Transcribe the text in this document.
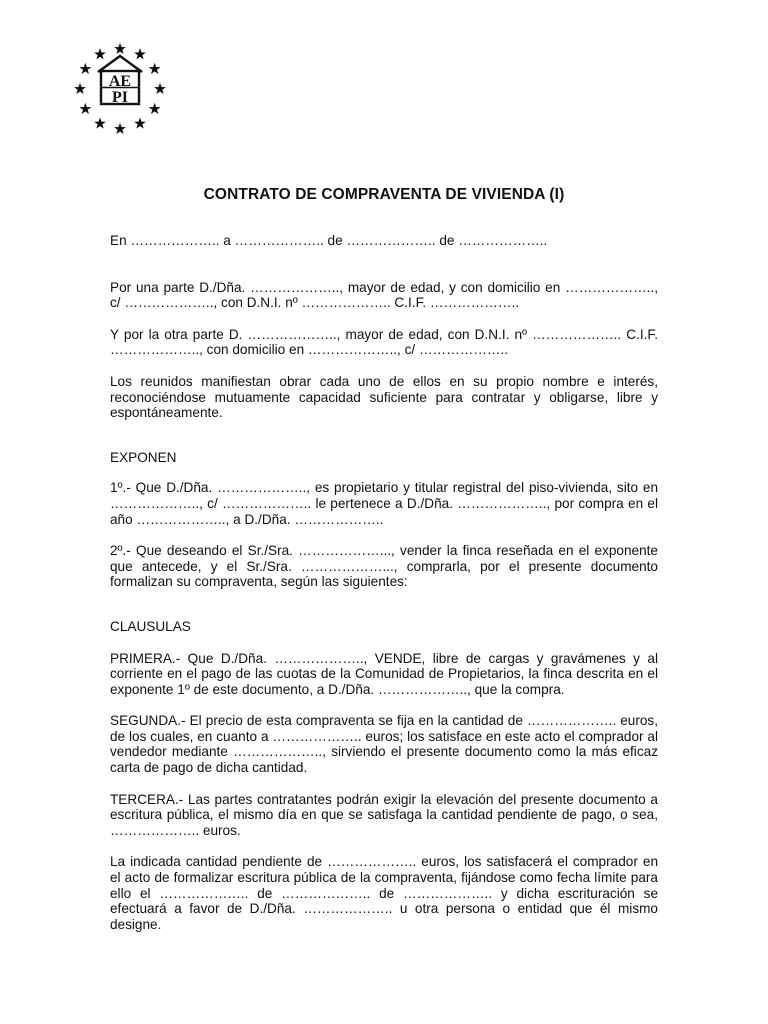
AE
PI
CONTRATO DE COMPRAVENTA DE VIVIENDA (I)

En ……………….. a ……………….. de ……………….. de ………………..

Por una parte D./Dña. ……………….., mayor de edad, y con domicilio en ……………….., c/ ……………….., con D.N.I. nº ……………….. C.I.F. ………………..

Y por la otra parte D. ……………….., mayor de edad, con D.N.I. nº ……………….. C.I.F. ……………….., con domicilio en ……………….., c/ ………………..

Los reunidos manifiestan obrar cada uno de ellos en su propio nombre e interés, reconociéndose mutuamente capacidad suficiente para contratar y obligarse, libre y espontáneamente.

EXPONEN

1º.- Que D./Dña. ……………….., es propietario y titular registral del piso-vivienda, sito en ……………….., c/ ……………….. le pertenece a D./Dña. ……………….., por compra en el año ……………….., a D./Dña. ………………..

2º.- Que deseando el Sr./Sra. ………………..., vender la finca reseñada en el exponente que antecede, y el Sr./Sra. ………………..., comprarla, por el presente documento formalizan su compraventa, según las siguientes:

CLAUSULAS

PRIMERA.- Que D./Dña. ……………….., VENDE, libre de cargas y gravámenes y al corriente en el pago de las cuotas de la Comunidad de Propietarios, la finca descrita en el exponente 1º de este documento, a D./Dña. ……………….., que la compra.

SEGUNDA.- El precio de esta compraventa se fija en la cantidad de ……………….. euros, de los cuales, en cuanto a ……………….. euros; los satisface en este acto el comprador al vendedor mediante ……………….., sirviendo el presente documento como la más eficaz carta de pago de dicha cantidad.

TERCERA.- Las partes contratantes podrán exigir la elevación del presente documento a escritura pública, el mismo día en que se satisfaga la cantidad pendiente de pago, o sea, ……………….. euros.

La indicada cantidad pendiente de ……………….. euros, los satisfacerá el comprador en el acto de formalizar escritura pública de la compraventa, fijándose como fecha límite para ello el ……………….. de ……………….. de ……………….. y dicha escrituración se efectuará a favor de D./Dña. ……………….. u otra persona o entidad que él mismo designe.
